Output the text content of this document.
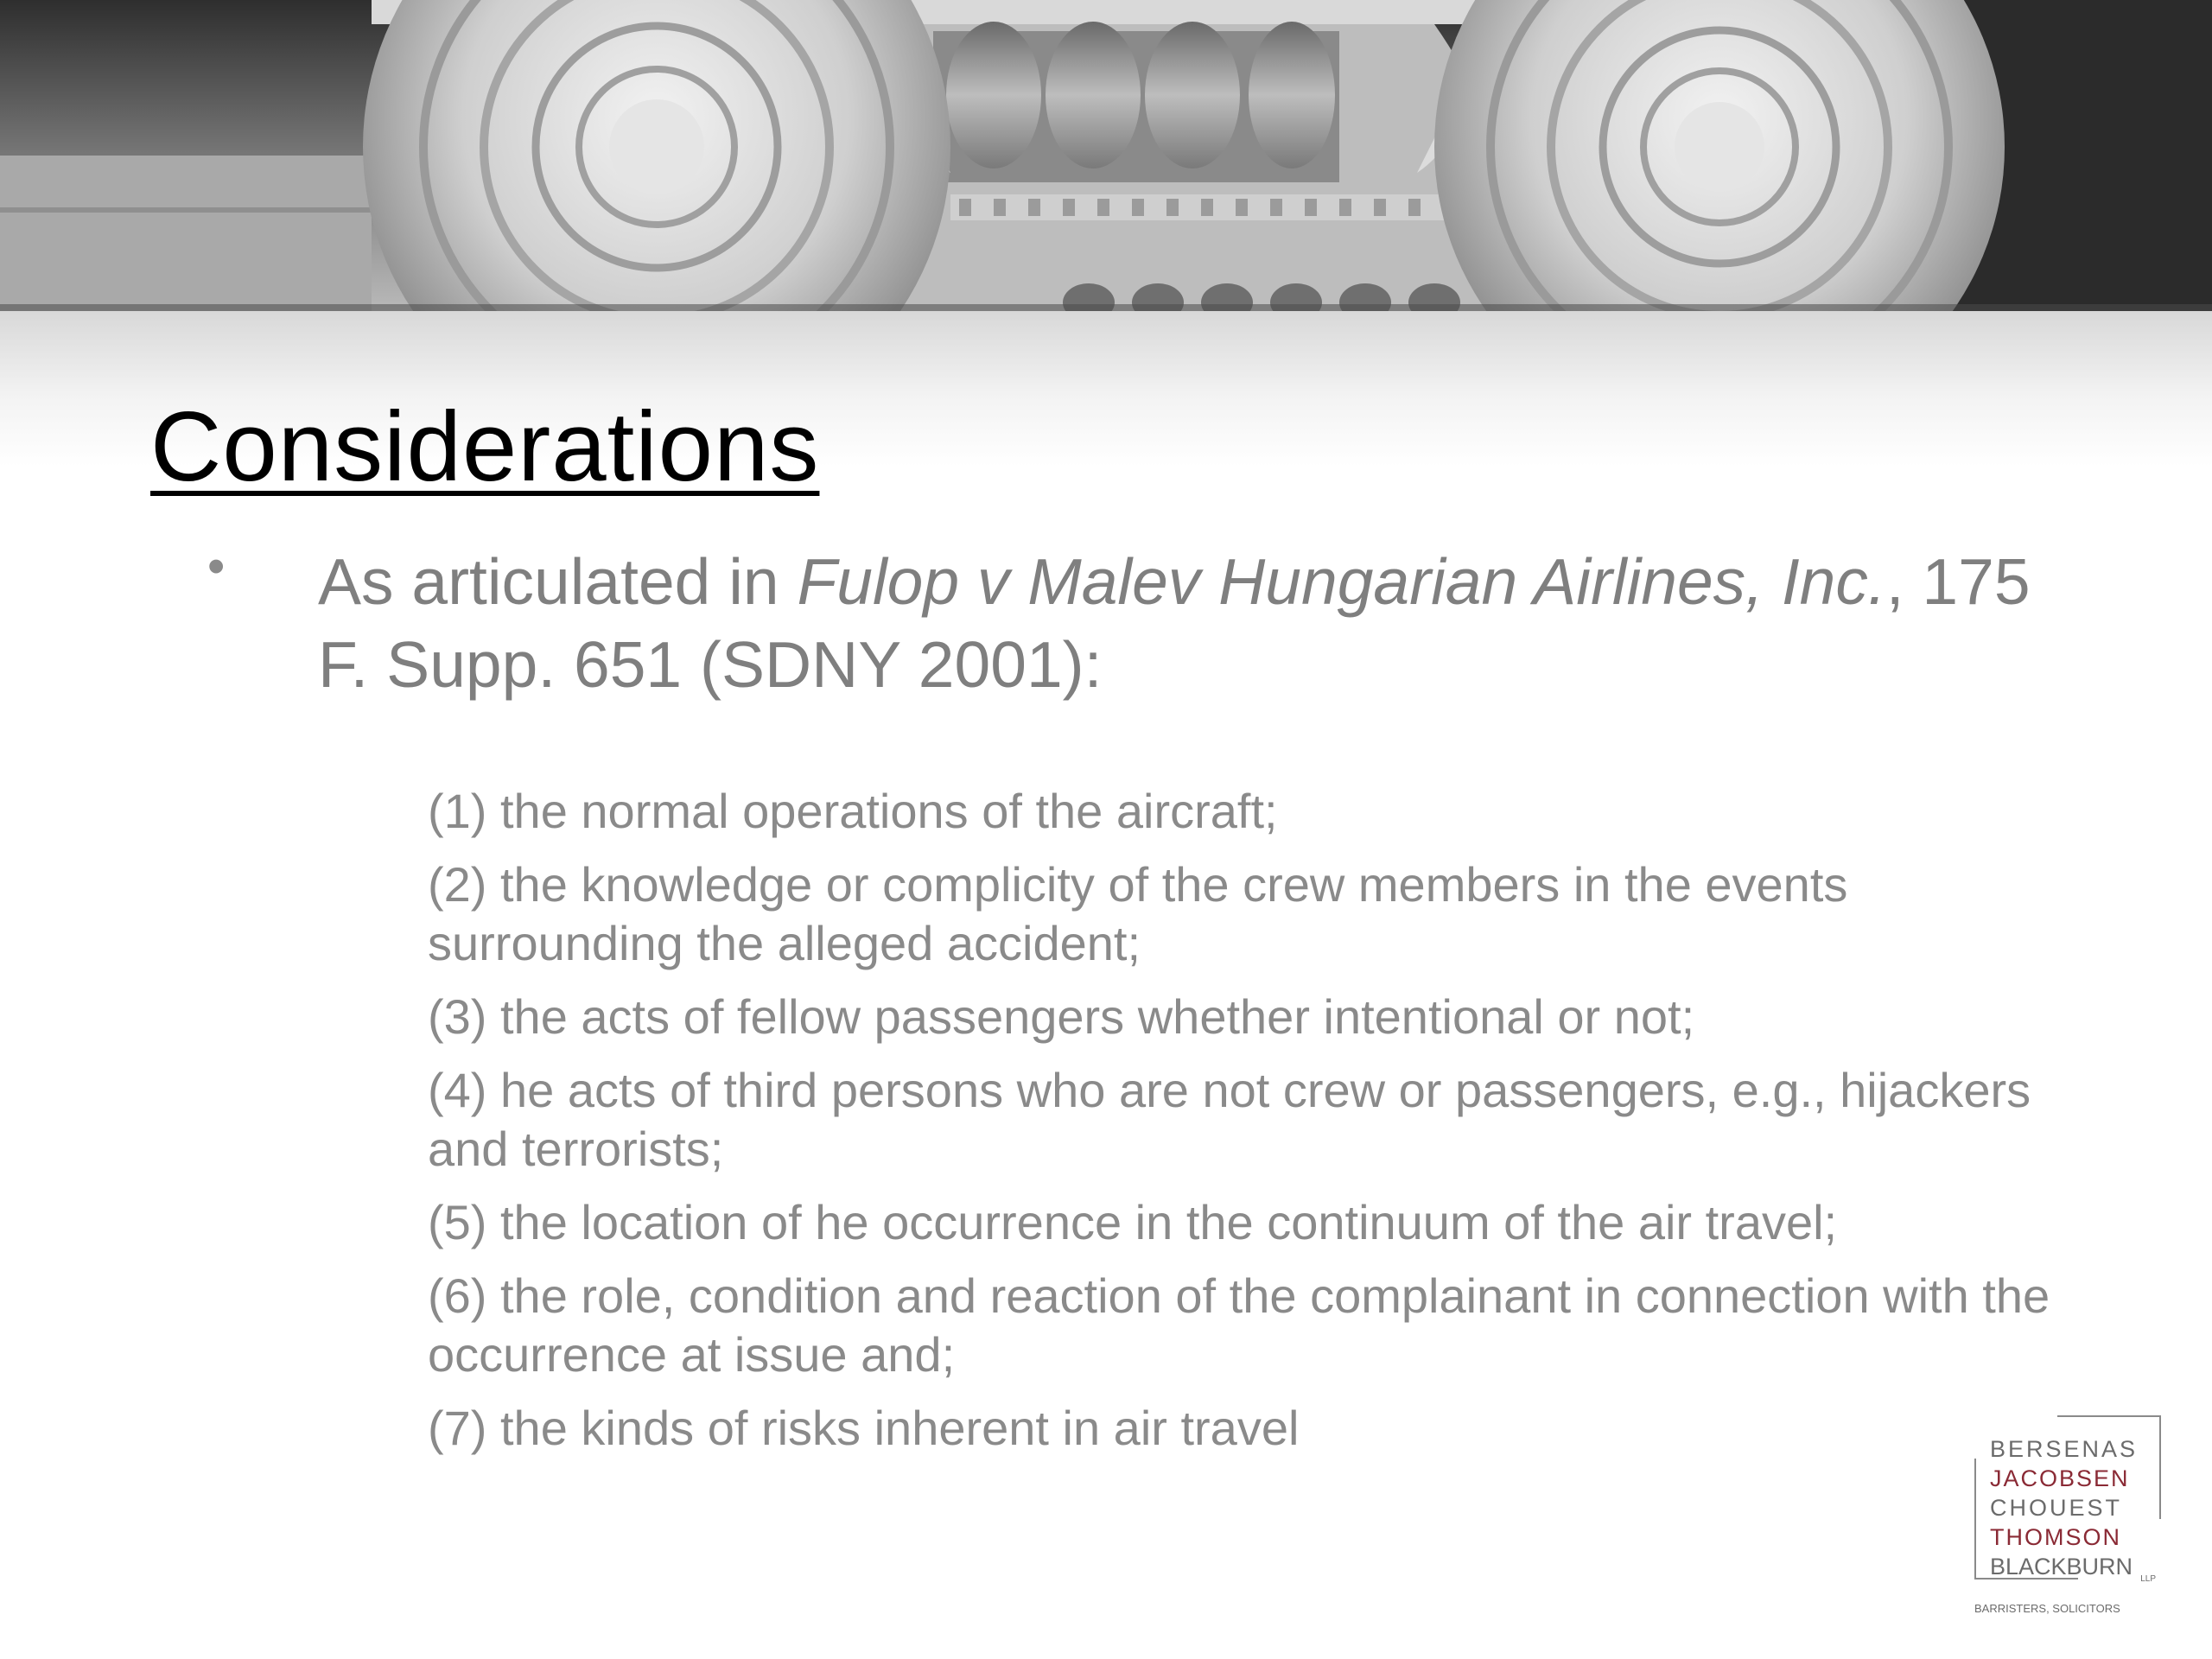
Considerations
• As articulated in Fulop v Malev Hungarian Airlines, Inc., 175 F. Supp. 651 (SDNY 2001):

(1) the normal operations of the aircraft;
(2) the knowledge or complicity of the crew members in the events surrounding the alleged accident;
(3) the acts of fellow passengers whether intentional or not;
(4) he acts of third persons who are not crew or passengers, e.g., hijackers and terrorists;
(5) the location of he occurrence in the continuum of the air travel;
(6) the role, condition and reaction of the complainant in connection with the occurrence at issue and;
(7) the kinds of risks inherent in air travel	BERSENAS
JACOBSEN
CHOUEST
THOMSON
BLACKBURN LLP
BARRISTERS, SOLICITORS
